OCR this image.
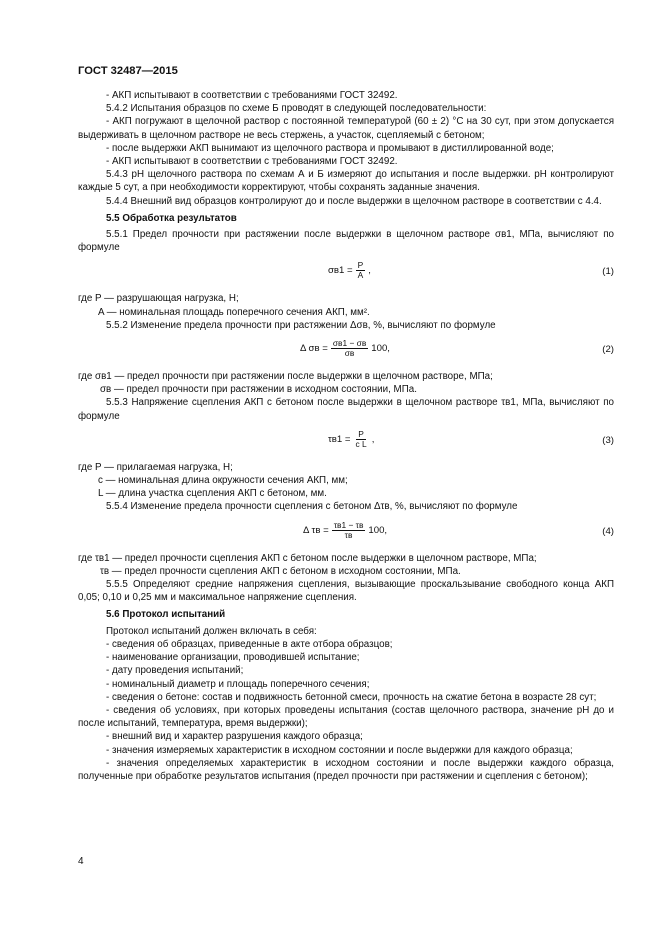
ГОСТ 32487—2015

- АКП испытывают в соответствии с требованиями ГОСТ 32492.

5.4.2 Испытания образцов по схеме Б проводят в следующей последовательности:

- АКП погружают в щелочной раствор с постоянной температурой (60 ± 2) °С на 30 сут, при этом допускается выдерживать в щелочном растворе не весь стержень, а участок, сцепляемый с бетоном;

- после выдержки АКП вынимают из щелочного раствора и промывают в дистиллированной воде;

- АКП испытывают в соответствии с требованиями ГОСТ 32492.

5.4.3 pH щелочного раствора по схемам А и Б измеряют до испытания и после выдержки. pH контролируют каждые 5 сут, а при необходимости корректируют, чтобы сохранять заданные значения.

5.4.4 Внешний вид образцов контролируют до и после выдержки в щелочном растворе в соответствии с 4.4.

5.5 Обработка результатов

5.5.1 Предел прочности при растяжении после выдержки в щелочном растворе σв1, МПа, вычисляют по формуле

$\sigma в1 = \frac{P}{A}$ ,	(1)

где P — разрушающая нагрузка, Н;

A — номинальная площадь поперечного сечения АКП, мм².

5.5.2 Изменение предела прочности при растяжении Δσв, %, вычисляют по формуле

Δ $\sigma в = \frac{\sigma в1 - \sigma в}{\sigma в} 100$,	(2)

где σв1 — предел прочности при растяжении после выдержки в щелочном растворе, МПа;

σв — предел прочности при растяжении в исходном состоянии, МПа.

5.5.3 Напряжение сцепления АКП с бетоном после выдержки в щелочном растворе τв1, МПа, вычисляют по формуле

$\tau в1 = \frac{P}{\text{c L}}$ ,	(3)

где P — прилагаемая нагрузка, Н;

c — номинальная длина окружности сечения АКП, мм;

L — длина участка сцепления АКП с бетоном, мм.

5.5.4 Изменение предела прочности сцепления с бетоном Δτв, %, вычисляют по формуле

Δ $\tau в = \frac{\tau в1 - \tau в}{\tau в} 100$,	(4)

где τв1 — предел прочности сцепления АКП с бетоном после выдержки в щелочном растворе, МПа;

τв — предел прочности сцепления АКП с бетоном в исходном состоянии, МПа.

5.5.5 Определяют средние напряжения сцепления, вызывающие проскальзывание свободного конца АКП 0,05; 0,10 и 0,25 мм и максимальное напряжение сцепления.

5.6 Протокол испытаний

Протокол испытаний должен включать в себя:

- сведения об образцах, приведенные в акте отбора образцов;

- наименование организации, проводившей испытание;

- дату проведения испытаний;

- номинальный диаметр и площадь поперечного сечения;

- сведения о бетоне: состав и подвижность бетонной смеси, прочность на сжатие бетона в возрасте 28 сут;

- сведения об условиях, при которых проведены испытания (состав щелочного раствора, значение pH до и после испытаний, температура, время выдержки);

- внешний вид и характер разрушения каждого образца;

- значения измеряемых характеристик в исходном состоянии и после выдержки для каждого образца;

- значения определяемых характеристик в исходном состоянии и после выдержки каждого образца, полученные при обработке результатов испытания (предел прочности при растяжении и сцепления с бетоном);

4
